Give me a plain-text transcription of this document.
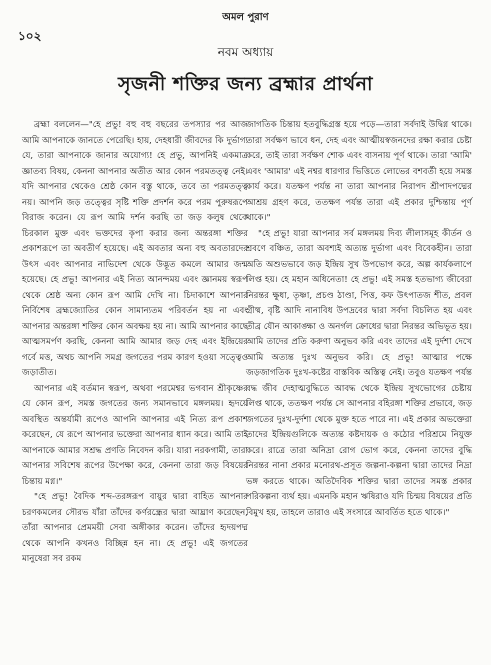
অমল পুরাণ
১০২
নবম অধ্যায়
সৃজনী শক্তির জন্য ব্রহ্মার প্রার্থনা

ব্রহ্মা বললেন—"হে প্রভু! বহু বহু বছরের তপস্যার পর আজ আমি আপনাকে জানতে পেরেছি। হায়, দেহধারী জীবদের কি দুর্ভাগ্য যে, তারা আপনাকে জানার অযোগ্য! হে প্রভু, আপনিই একমাত্র জ্ঞাতব্য বিষয়, কেননা আপনার অতীত আর কোন পরমতত্ত্ব নেই। যদি আপনার থেকেও শ্রেষ্ঠ কোন বস্তু থাকে, তবে তা পরমতত্ত্ব নয়। আপনি জড় তত্ত্বের সৃষ্টি শক্তি প্রদর্শন করে পরম পুরুষরূপে বিরাজ করেন। যে রূপ আমি দর্শন করছি তা জড় কলুষ থেকে চিরকাল মুক্ত এবং ভক্তদের কৃপা করার জন্য অন্তরঙ্গা শক্তির প্রকাশরূপে তা অবতীর্ণ হয়েছে। এই অবতার অন্য বহু অবতারদের উৎস এবং আপনার নাভিদেশ থেকে উদ্ভূত কমলে আমার জন্ম হয়েছে। হে প্রভু! আপনার এই নিত্য আনন্দময় এবং জ্ঞানময় স্বরূপ থেকে শ্রেষ্ঠ অন্য কোন রূপ আমি দেখি না। চিদাকাশে আপনার নির্বিশেষ ব্রহ্মজ্যোতির কোন সামান্যতম পরিবর্তন হয় না এবং আপনার অন্তরঙ্গা শক্তির কোন অবক্ষয় হয় না। আমি আপনার কাছে আত্মসমর্পণ করছি, কেননা আমি আমার জড় দেহ এবং ইন্দ্রিয়ের গর্বে মত্ত, অথচ আপনি সমগ্র জগতের পরম কারণ হওয়া সত্ত্বেও জড়াতীত।

আপনার এই বর্তমান স্বরূপ, অথবা পরমেশ্বর ভগবান শ্রীকৃষ্ণের যে কোন রূপ, সমস্ত জগতের জন্য সমানভাবে মঙ্গলময়। হৃদয়ে অবস্থিত অন্তর্যামী রূপেও আপনি আপনার এই নিত্য রূপ প্রকাশ করেছেন, যে রূপে আপনার ভক্তেরা আপনার ধ্যান করে। আমি তাই আপনাকে আমার সশ্রদ্ধ প্রণতি নিবেদন করি। যারা নরকগামী, তারা আপনার সবিশেষ রূপের উপেক্ষা করে, কেননা তারা জড় বিষয়ের চিন্তায় মগ্ন।"

"হে প্রভু! বৈদিক শব্দ-তরঙ্গরূপ বায়ুর দ্বারা বাহিত আপনার চরণকমলের সৌরভ যাঁরা তাঁদের কর্ণরন্ধ্রের দ্বারা আঘ্রাণ করেছেন, তাঁরা আপনার প্রেমময়ী সেবা অঙ্গীকার করেন। তাঁদের হৃদয়পদ্ম থেকে আপনি কখনও বিচ্ছিন্ন হন না। হে প্রভু! এই জগতের মানুষেরা সব রকম

জাগতিক চিন্তায় হতবুদ্ধিগ্রস্ত হয়ে পড়ে—তারা সর্বদাই উদ্বিগ্ন থাকে। তারা সর্বক্ষণ ভাবে ধন, দেহ এবং আত্মীয়স্বজনদের রক্ষা করার চেষ্টা করে, তাই তারা সর্বক্ষণ শোক এবং বাসনায় পূর্ণ থাকে। তারা 'আমি' এবং 'আমার' এই নশ্বর ধারণার ভিত্তিতে লোভের বশবর্তী হয়ে সমস্ত কার্য করে। যতক্ষণ পর্যন্ত না তারা আপনার নিরাপদ শ্রীপাদপদ্মের আশ্রয় গ্রহণ করে, ততক্ষণ পর্যন্ত তারা এই প্রকার দুশ্চিন্তায় পূর্ণ থাকে।"

"হে প্রভু! যারা আপনার সর্ব মঙ্গলময় দিব্য লীলাসমূহ কীর্তন ও শ্রবণে বঞ্চিত, তারা অবশ্যই অত্যন্ত দুর্ভাগা এবং বিবেকহীন। তারা অতি অশুভভাবে জড় ইন্দ্রিয় সুখ উপভোগ করে, অল্প কার্যকলাপে লিপ্ত হয়। হে মহান অধিনেতা! হে প্রভু! এই সমস্ত হতভাগ্য জীবেরা নিরন্তর ক্ষুধা, তৃষ্ণা, প্রচণ্ড ঠাণ্ডা, পিত্ত, কফ উৎপাতজ শীত, প্রবল গ্রীষ্ম, বৃষ্টি আদি নানাবিধ উপদ্রবের দ্বারা সর্বদা বিচলিত হয় এবং তীব্র যৌন আকাঙ্ক্ষা ও অনর্গল ক্রোধের দ্বারা নিরন্তর অভিভূত হয়। আমি তাদের প্রতি করুণা অনুভব করি এবং তাদের এই দুর্দশা দেখে আমি অত্যন্ত দুঃখ অনুভব করি। হে প্রভু! আত্মার পক্ষে জড়জাগতিক দুঃখ-কষ্টের বাস্তবিক অস্তিত্ব নেই। তবুও যতক্ষণ পর্যন্ত বদ্ধ জীব দেহাত্মবুদ্ধিতে আবদ্ধ থেকে ইন্দ্রিয় সুখভোগের চেষ্টায় লিপ্ত থাকে, ততক্ষণ পর্যন্ত সে আপনার বহিরঙ্গা শক্তির প্রভাবে, জড় জগতের দুঃখ-দুর্দশা থেকে মুক্ত হতে পারে না। এই প্রকার অভক্তেরা তাদের ইন্দ্রিয়গুলিকে অত্যন্ত কষ্টদায়ক ও কঠোর পরিশ্রমে নিযুক্ত করে। রাত্রে তারা অনিদ্রা রোগ ভোগ করে, কেননা তাদের বুদ্ধি নিরন্তর নানা প্রকার মনোরথ-প্রসূত জল্পনা-কল্পনা দ্বারা তাদের নিদ্রা ভঙ্গ করতে থাকে। অতিদৈবিক শক্তির দ্বারা তাদের সমস্ত প্রকার পরিকল্পনা ব্যর্থ হয়। এমনকি মহান ঋষিরাও যদি চিন্ময় বিষয়ের প্রতি বিমুখ হয়, তাহলে তারাও এই সংসারে আবর্তিত হতে থাকে।"
